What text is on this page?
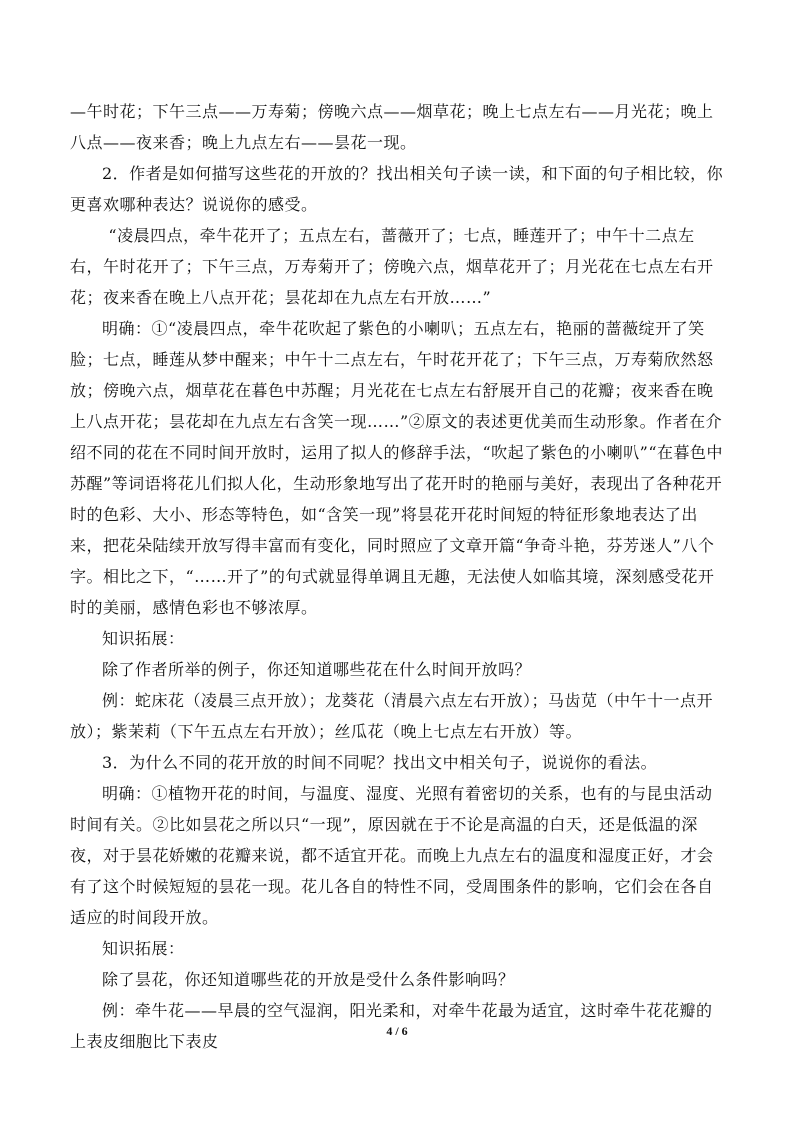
—午时花；下午三点——万寿菊；傍晚六点——烟草花；晚上七点左右——月光花；晚上八点——夜来香；晚上九点左右——昙花一现。

2．作者是如何描写这些花的开放的？找出相关句子读一读，和下面的句子相比较，你更喜欢哪种表达？说说你的感受。

“凌晨四点，牵牛花开了；五点左右，蔷薇开了；七点，睡莲开了；中午十二点左右，午时花开了；下午三点，万寿菊开了；傍晚六点，烟草花开了；月光花在七点左右开花；夜来香在晚上八点开花；昙花却在九点左右开放……”

明确：①“凌晨四点，牵牛花吹起了紫色的小喇叭；五点左右，艳丽的蔷薇绽开了笑脸；七点，睡莲从梦中醒来；中午十二点左右，午时花开花了；下午三点，万寿菊欣然怒放；傍晚六点，烟草花在暮色中苏醒；月光花在七点左右舒展开自己的花瓣；夜来香在晚上八点开花；昙花却在九点左右含笑一现……”②原文的表述更优美而生动形象。作者在介绍不同的花在不同时间开放时，运用了拟人的修辞手法，“吹起了紫色的小喇叭”“在暮色中苏醒”等词语将花儿们拟人化，生动形象地写出了花开时的艳丽与美好，表现出了各种花开时的色彩、大小、形态等特色，如“含笑一现”将昙花开花时间短的特征形象地表达了出来，把花朵陆续开放写得丰富而有变化，同时照应了文章开篇“争奇斗艳，芬芳迷人”八个字。相比之下，“……开了”的句式就显得单调且无趣，无法使人如临其境，深刻感受花开时的美丽，感情色彩也不够浓厚。

知识拓展：

除了作者所举的例子，你还知道哪些花在什么时间开放吗？

例：蛇床花（凌晨三点开放）；龙葵花（清晨六点左右开放）；马齿苋（中午十一点开放）；紫茉莉（下午五点左右开放）；丝瓜花（晚上七点左右开放）等。

3．为什么不同的花开放的时间不同呢？找出文中相关句子，说说你的看法。

明确：①植物开花的时间，与温度、湿度、光照有着密切的关系，也有的与昆虫活动时间有关。②比如昙花之所以只“一现”，原因就在于不论是高温的白天，还是低温的深夜，对于昙花娇嫩的花瓣来说，都不适宜开花。而晚上九点左右的温度和湿度正好，才会有了这个时候短短的昙花一现。花儿各自的特性不同，受周围条件的影响，它们会在各自适应的时间段开放。

知识拓展：

除了昙花，你还知道哪些花的开放是受什么条件影响吗？

例：牵牛花——早晨的空气湿润，阳光柔和，对牵牛花最为适宜，这时牵牛花花瓣的上表皮细胞比下表皮

4 / 6
